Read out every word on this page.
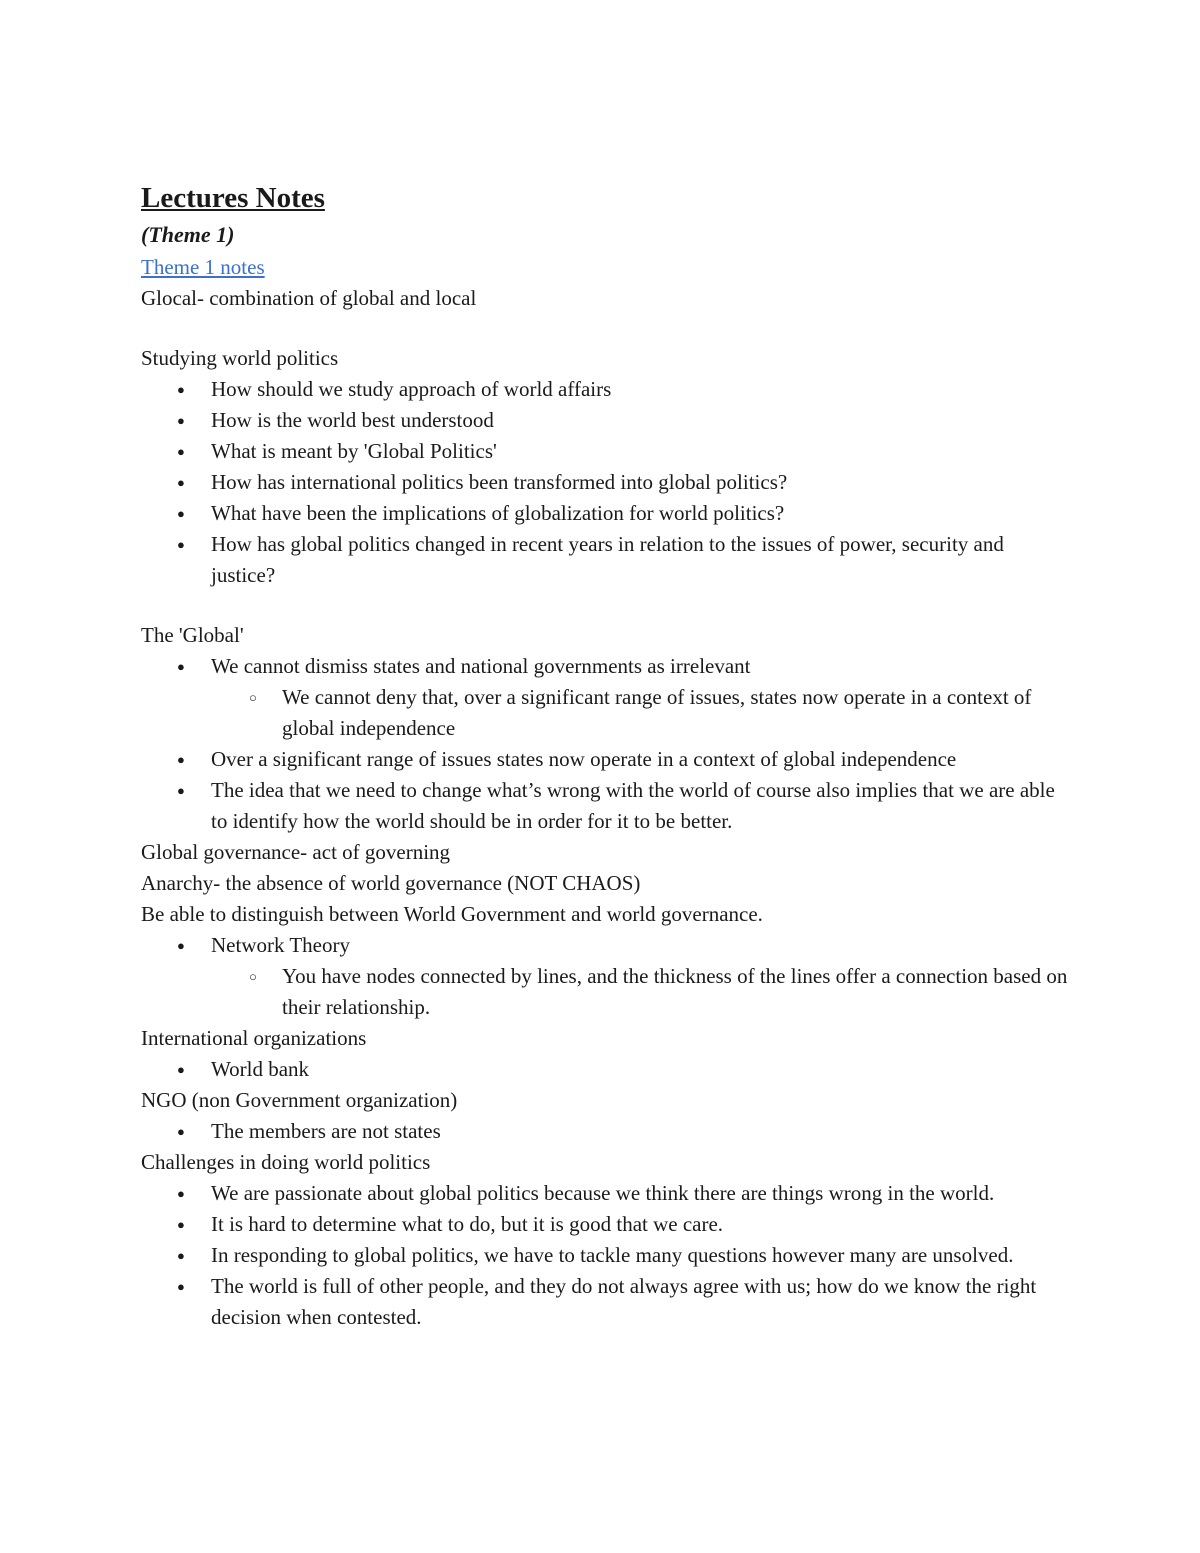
Lectures Notes

(Theme 1)

Theme 1 notes

Glocal- combination of global and local

Studying world politics

● How should we study approach of world affairs
● How is the world best understood
● What is meant by 'Global Politics'
● How has international politics been transformed into global politics?
● What have been the implications of globalization for world politics?
● How has global politics changed in recent years in relation to the issues of power, security and justice?

The 'Global'

● We cannot dismiss states and national governments as irrelevant
○ We cannot deny that, over a significant range of issues, states now operate in a context of global independence
● Over a significant range of issues states now operate in a context of global independence
● The idea that we need to change what’s wrong with the world of course also implies that we are able to identify how the world should be in order for it to be better.

Global governance- act of governing

Anarchy- the absence of world governance (NOT CHAOS)

Be able to distinguish between World Government and world governance.

● Network Theory
○ You have nodes connected by lines, and the thickness of the lines offer a connection based on their relationship.

International organizations

● World bank

NGO (non Government organization)

● The members are not states

Challenges in doing world politics

● We are passionate about global politics because we think there are things wrong in the world.
● It is hard to determine what to do, but it is good that we care.
● In responding to global politics, we have to tackle many questions however many are unsolved.
● The world is full of other people, and they do not always agree with us; how do we know the right decision when contested.
